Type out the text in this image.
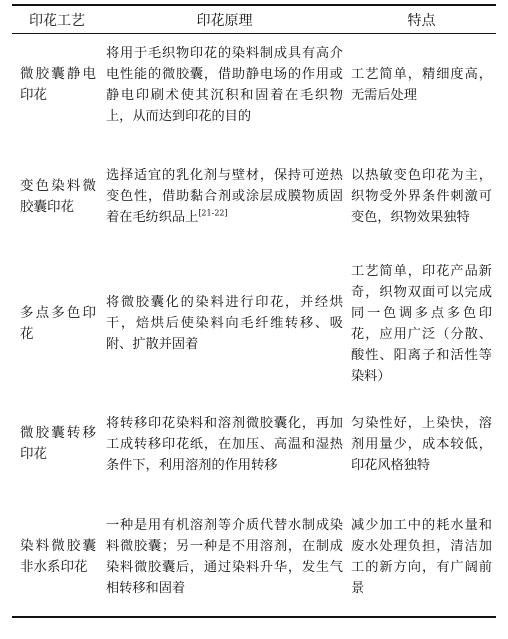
印花工艺	印花原理	特点
微胶囊静电印花	将用于毛织物印花的染料制成具有高介电性能的微胶囊，借助静电场的作用或静电印刷术使其沉积和固着在毛织物上，从而达到印花的目的	工艺简单，精细度高，无需后处理
变色染料微胶囊印花	选择适宜的乳化剂与壁材，保持可逆热变色性，借助黏合剂或涂层成膜物质固着在毛纺织品上[21-22]	以热敏变色印花为主，织物受外界条件刺激可变色，织物效果独特
多点多色印花	将微胶囊化的染料进行印花，并经烘干，焙烘后使染料向毛纤维转移、吸附、扩散并固着	工艺简单，印花产品新奇，织物双面可以完成同一色调多点多色印花，应用广泛（分散、酸性、阳离子和活性等染料）
微胶囊转移印花	将转移印花染料和溶剂微胶囊化，再加工成转移印花纸，在加压、高温和湿热条件下，利用溶剂的作用转移	匀染性好，上染快，溶剂用量少，成本较低，印花风格独特
染料微胶囊非水系印花	一种是用有机溶剂等介质代替水制成染料微胶囊；另一种是不用溶剂，在制成染料微胶囊后，通过染料升华，发生气相转移和固着	减少加工中的耗水量和废水处理负担，清洁加工的新方向，有广阔前景
